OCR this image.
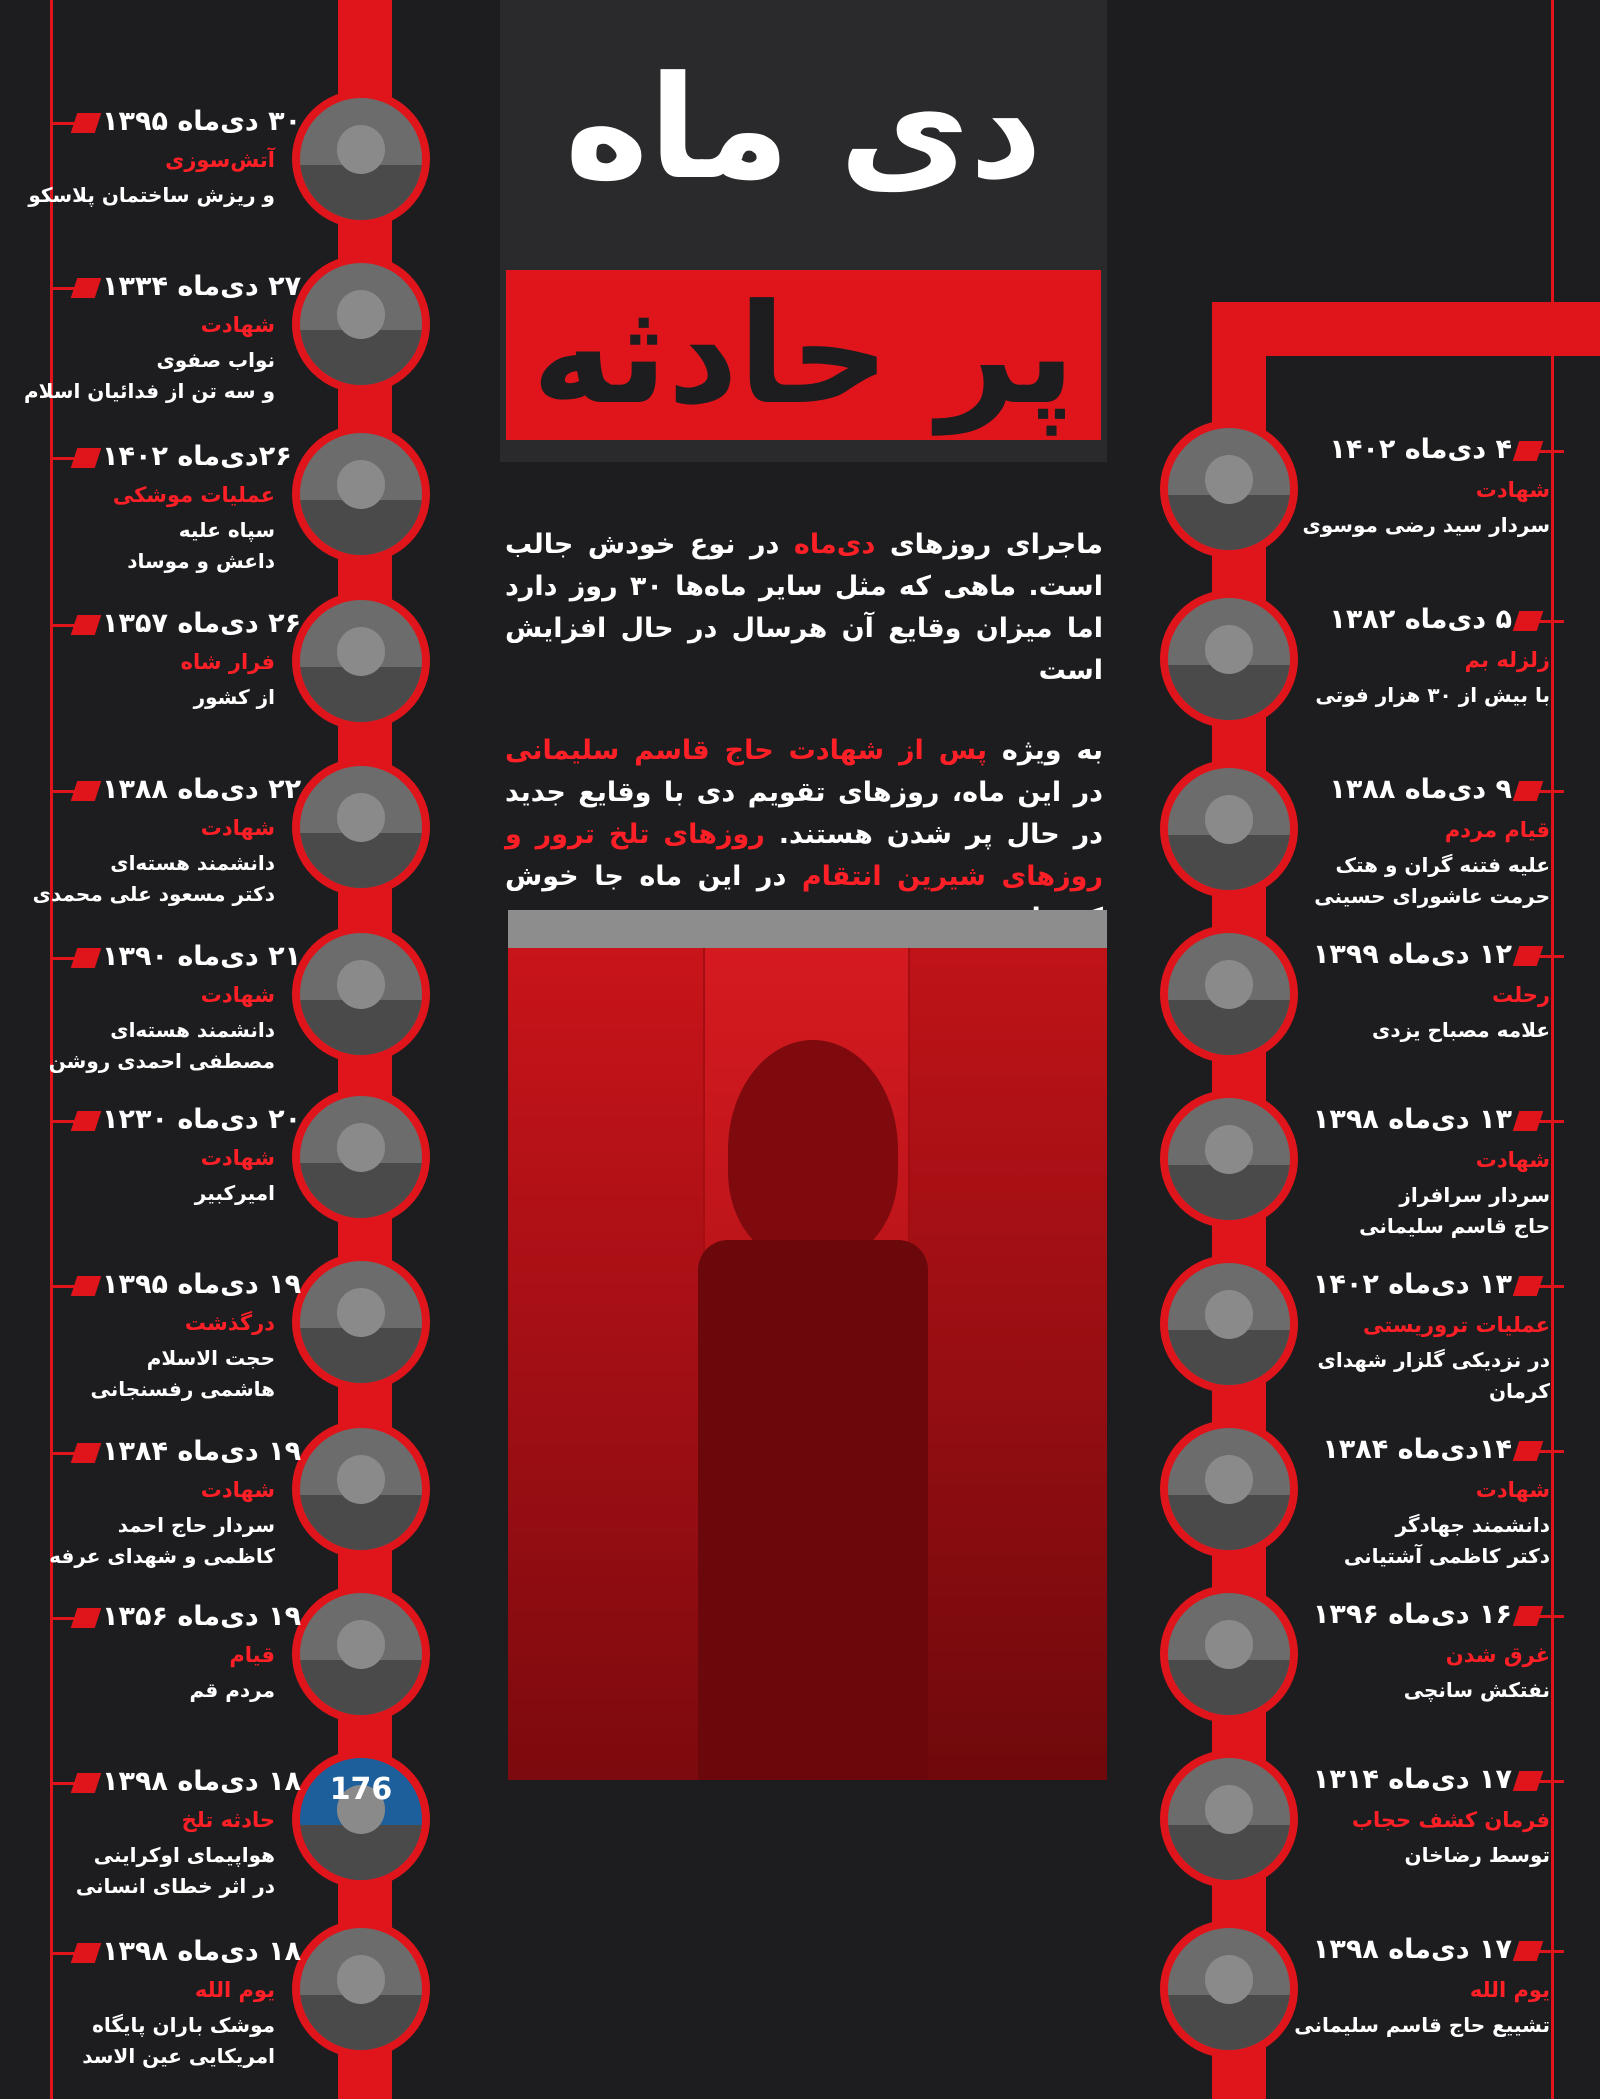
دی ماه
پر حادثه

ماجرای روزهای دی‌ماه در نوع خودش جالب است. ماهی که مثل سایر ماه‌ها ۳۰ روز دارد اما میزان وقایع آن هرسال در حال افزایش است

به ویژه پس از شهادت حاج قاسم سلیمانی در این ماه، روزهای تقویم دی با وقایع جدید در حال پر شدن هستند. روزهای تلخ ترور و روزهای شیرین انتقام در این ماه جا خوش

۳۰ دی‌ماه ۱۳۹۵
آتش‌سوزی
و ریزش ساختمان پلاسکو
۲۷ دی‌ماه ۱۳۳۴
شهادت
نواب صفوی
و سه تن از فدائیان اسلام
۲۶دی‌ماه ۱۴۰۲
عملیات موشکی
سپاه علیه
داعش و موساد
۲۶ دی‌ماه ۱۳۵۷
فرار شاه
از کشور
۲۲ دی‌ماه ۱۳۸۸
شهادت
دانشمند هسته‌ای
دکتر مسعود علی محمدی
۲۱ دی‌ماه ۱۳۹۰
شهادت
دانشمند هسته‌ای
مصطفی احمدی روشن
۲۰ دی‌ماه ۱۲۳۰
شهادت
امیرکبیر
۱۹ دی‌ماه ۱۳۹۵
درگذشت
حجت الاسلام
هاشمی رفسنجانی
۱۹ دی‌ماه ۱۳۸۴
شهادت
سردار حاج احمد
کاظمی و شهدای عرفه
۱۹ دی‌ماه ۱۳۵۶
قیام
مردم قم
176
۱۸ دی‌ماه ۱۳۹۸
حادثه تلخ
هواپیمای اوکراینی
در اثر خطای انسانی
۱۸ دی‌ماه ۱۳۹۸
یوم الله
موشک باران پایگاه
امریکایی عین الاسد
۴ دی‌ماه ۱۴۰۲
شهادت
سردار سید رضی موسوی
۵ دی‌ماه ۱۳۸۲
زلزله بم
با بیش از ۳۰ هزار فوتی
۹ دی‌ماه ۱۳۸۸
قیام مردم
علیه فتنه گران و هتک
حرمت عاشورای حسینی
۱۲ دی‌ماه ۱۳۹۹
رحلت
علامه مصباح یزدی
۱۳ دی‌ماه ۱۳۹۸
شهادت
سردار سرافراز
حاج قاسم سلیمانی
۱۳ دی‌ماه ۱۴۰۲
عملیات تروریستی
در نزدیکی گلزار شهدای
کرمان
۱۴دی‌ماه ۱۳۸۴
شهادت
دانشمند جهادگر
دکتر کاظمی آشتیانی
۱۶ دی‌ماه ۱۳۹۶
غرق شدن
نفتکش سانچی
۱۷ دی‌ماه ۱۳۱۴
فرمان کشف حجاب
توسط رضاخان
۱۷ دی‌ماه ۱۳۹۸
یوم الله
تشییع حاج قاسم سلیمانی
